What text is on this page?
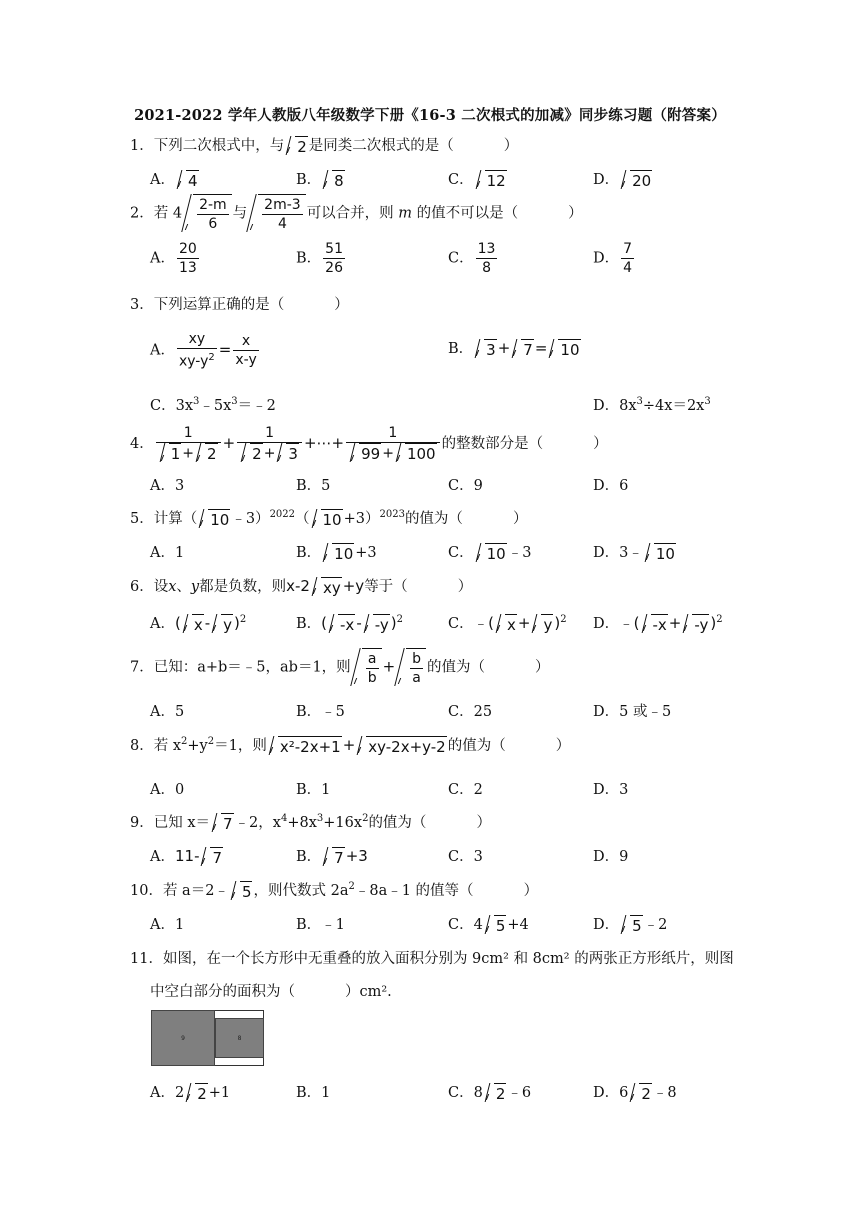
2021-2022 学年人教版八年级数学下册《16-3 二次根式的加减》同步练习题（附答案）
1．下列二次根式中，与 2 是同类二次根式的是（	）
A． 4	B． 8	C． 12	D． 20
2．若 $4 \frac{2-m}{6}$ 与 $\frac{2m-3}{4}$ 可以合并，则 m 的值不可以是（	）
A． $\frac{20}{13}$	B． $\frac{51}{26}$	C． $\frac{13}{8}$	D． $\frac{7}{4}$
3．下列运算正确的是（	）
A． $\frac{xy}{xy-y^2} = \frac{x}{x-y}$	B． 3 + 7 = 10
C．$3x^3﹣5x^3=﹣2$	D．$8x^3\div 4x=2x^3$
4． $\frac{1}{1 + 2} + \frac{1}{2 + 3}$ +⋯+ $\frac{1}{99 + 100}$ 的整数部分是（	）
A．3	B．5	C．9	D．6
5．计算（ 10 ﹣3）$^{2022}$（ 10 +3）$^{2023}$的值为（	）
A．1	B． 10 +3	C． 10 ﹣3	D．3﹣ 10
6．设x、y都是负数，则x-2 xy +y等于（	）
A．( x - y )$^2$	B．( -x - -y )$^2$	C．﹣( x + y )$^2$ D．﹣( -x + -y )$^2$
7．已知：a+b＝﹣5，ab＝1，则 $\frac{a}{b} + \frac{b}{a}$ 的值为（	）
A．5	B．﹣5	C．25	D．5 或﹣5
8．若 $x^2+y^2=1$，则 x²-2x+1 + xy-2x+y-2 的值为（	）
A．0	B．1	C．2	D．3
9．已知 x＝ 7 ﹣2，$x^4+8x^3+16x^2$的值为（	）
A．11- 7	B． 7 +3	C．3	D．9
10．若 a＝2﹣ 5 ，则代数式 $2a^2﹣8a﹣1$ 的值等（	）
A．1	B．﹣1	C．4 5 +4	D． 5 ﹣2
11．如图，在一个长方形中无重叠的放入面积分别为 9cm² 和 8cm² 的两张正方形纸片，则图
中空白部分的面积为（	）cm².
9	8
A．2 2 +1	B．1	C．8 2 ﹣6	D．6 2 ﹣8
